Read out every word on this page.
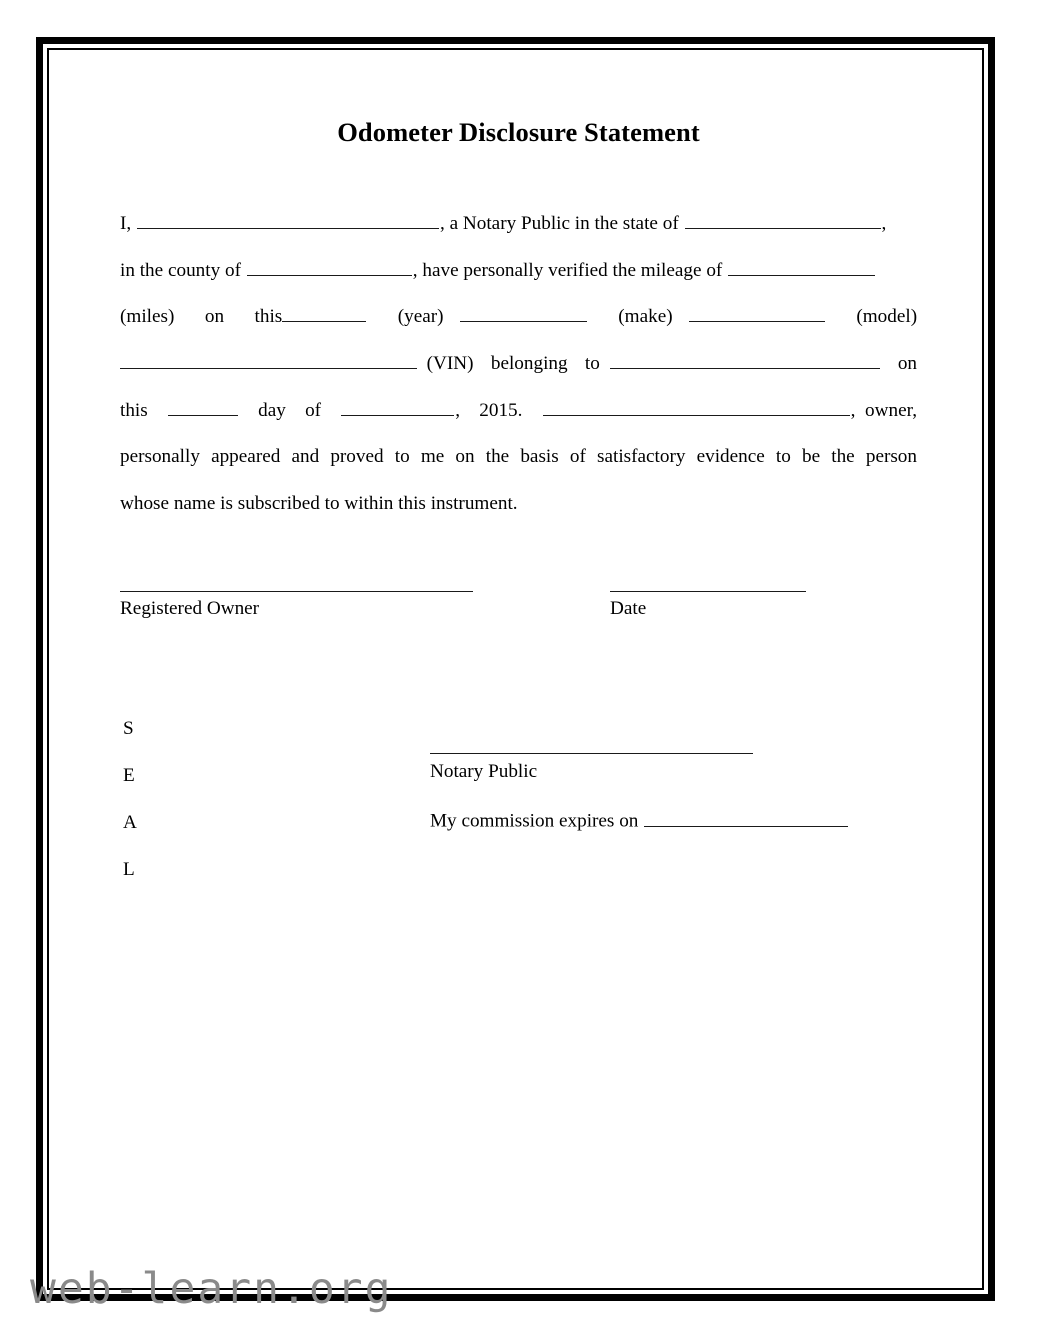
Odometer Disclosure Statement
I,	, a Notary Public in the state of	,
in the county of	, have personally verified the mileage of
(miles) on this	(year)	(make)	(model)
(VIN) belonging to	on
this	day of	, 2015.	, owner,
personally appeared and proved to me on the basis of satisfactory evidence to be the person
whose name is subscribed to within this instrument.
Registered Owner	Date
S
E
A
L
Notary Public
My commission expires on
web-learn.org
